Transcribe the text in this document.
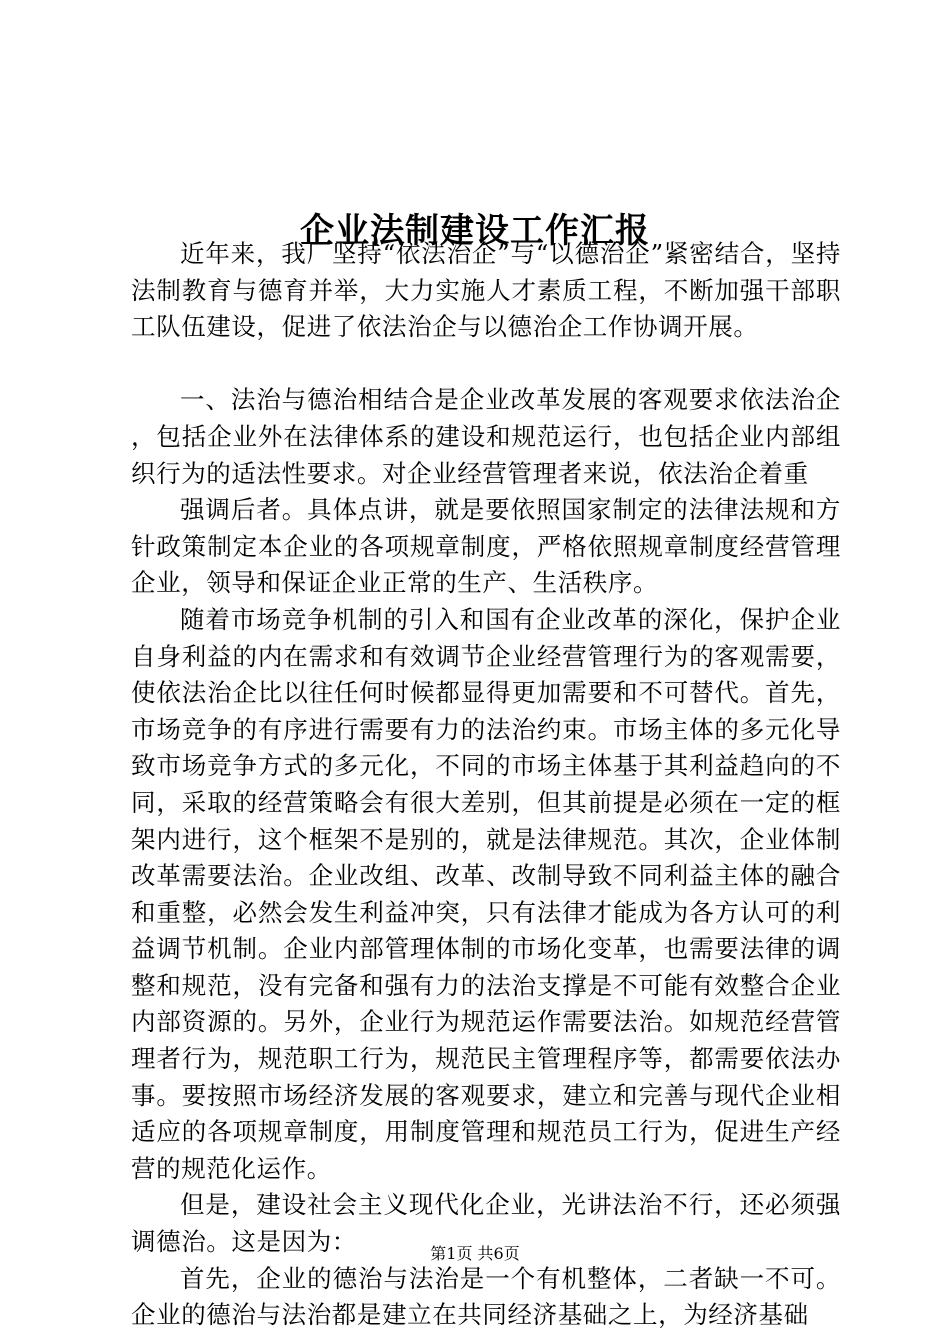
企业法制建设工作汇报

近年来，我厂坚持“依法治企”与“以德治企”紧密结合，坚持法制教育与德育并举，大力实施人才素质工程，不断加强干部职工队伍建设，促进了依法治企与以德治企工作协调开展。

一、法治与德治相结合是企业改革发展的客观要求依法治企，包括企业外在法律体系的建设和规范运行，也包括企业内部组织行为的适法性要求。对企业经营管理者来说，依法治企着重

强调后者。具体点讲，就是要依照国家制定的法律法规和方针政策制定本企业的各项规章制度，严格依照规章制度经营管理企业，领导和保证企业正常的生产、生活秩序。

随着市场竞争机制的引入和国有企业改革的深化，保护企业自身利益的内在需求和有效调节企业经营管理行为的客观需要，使依法治企比以往任何时候都显得更加需要和不可替代。首先，市场竞争的有序进行需要有力的法治约束。市场主体的多元化导致市场竞争方式的多元化，不同的市场主体基于其利益趋向的不同，采取的经营策略会有很大差别，但其前提是必须在一定的框架内进行，这个框架不是别的，就是法律规范。其次，企业体制改革需要法治。企业改组、改革、改制导致不同利益主体的融合和重整，必然会发生利益冲突，只有法律才能成为各方认可的利益调节机制。企业内部管理体制的市场化变革，也需要法律的调整和规范，没有完备和强有力的法治支撑是不可能有效整合企业内部资源的。另外，企业行为规范运作需要法治。如规范经营管理者行为，规范职工行为，规范民主管理程序等，都需要依法办事。要按照市场经济发展的客观要求，建立和完善与现代企业相适应的各项规章制度，用制度管理和规范员工行为，促进生产经营的规范化运作。

但是，建设社会主义现代化企业，光讲法治不行，还必须强调德治。这是因为：

首先，企业的德治与法治是一个有机整体，二者缺一不可。企业的德治与法治都是建立在共同经济基础之上，为经济基础

第1页 共6页
